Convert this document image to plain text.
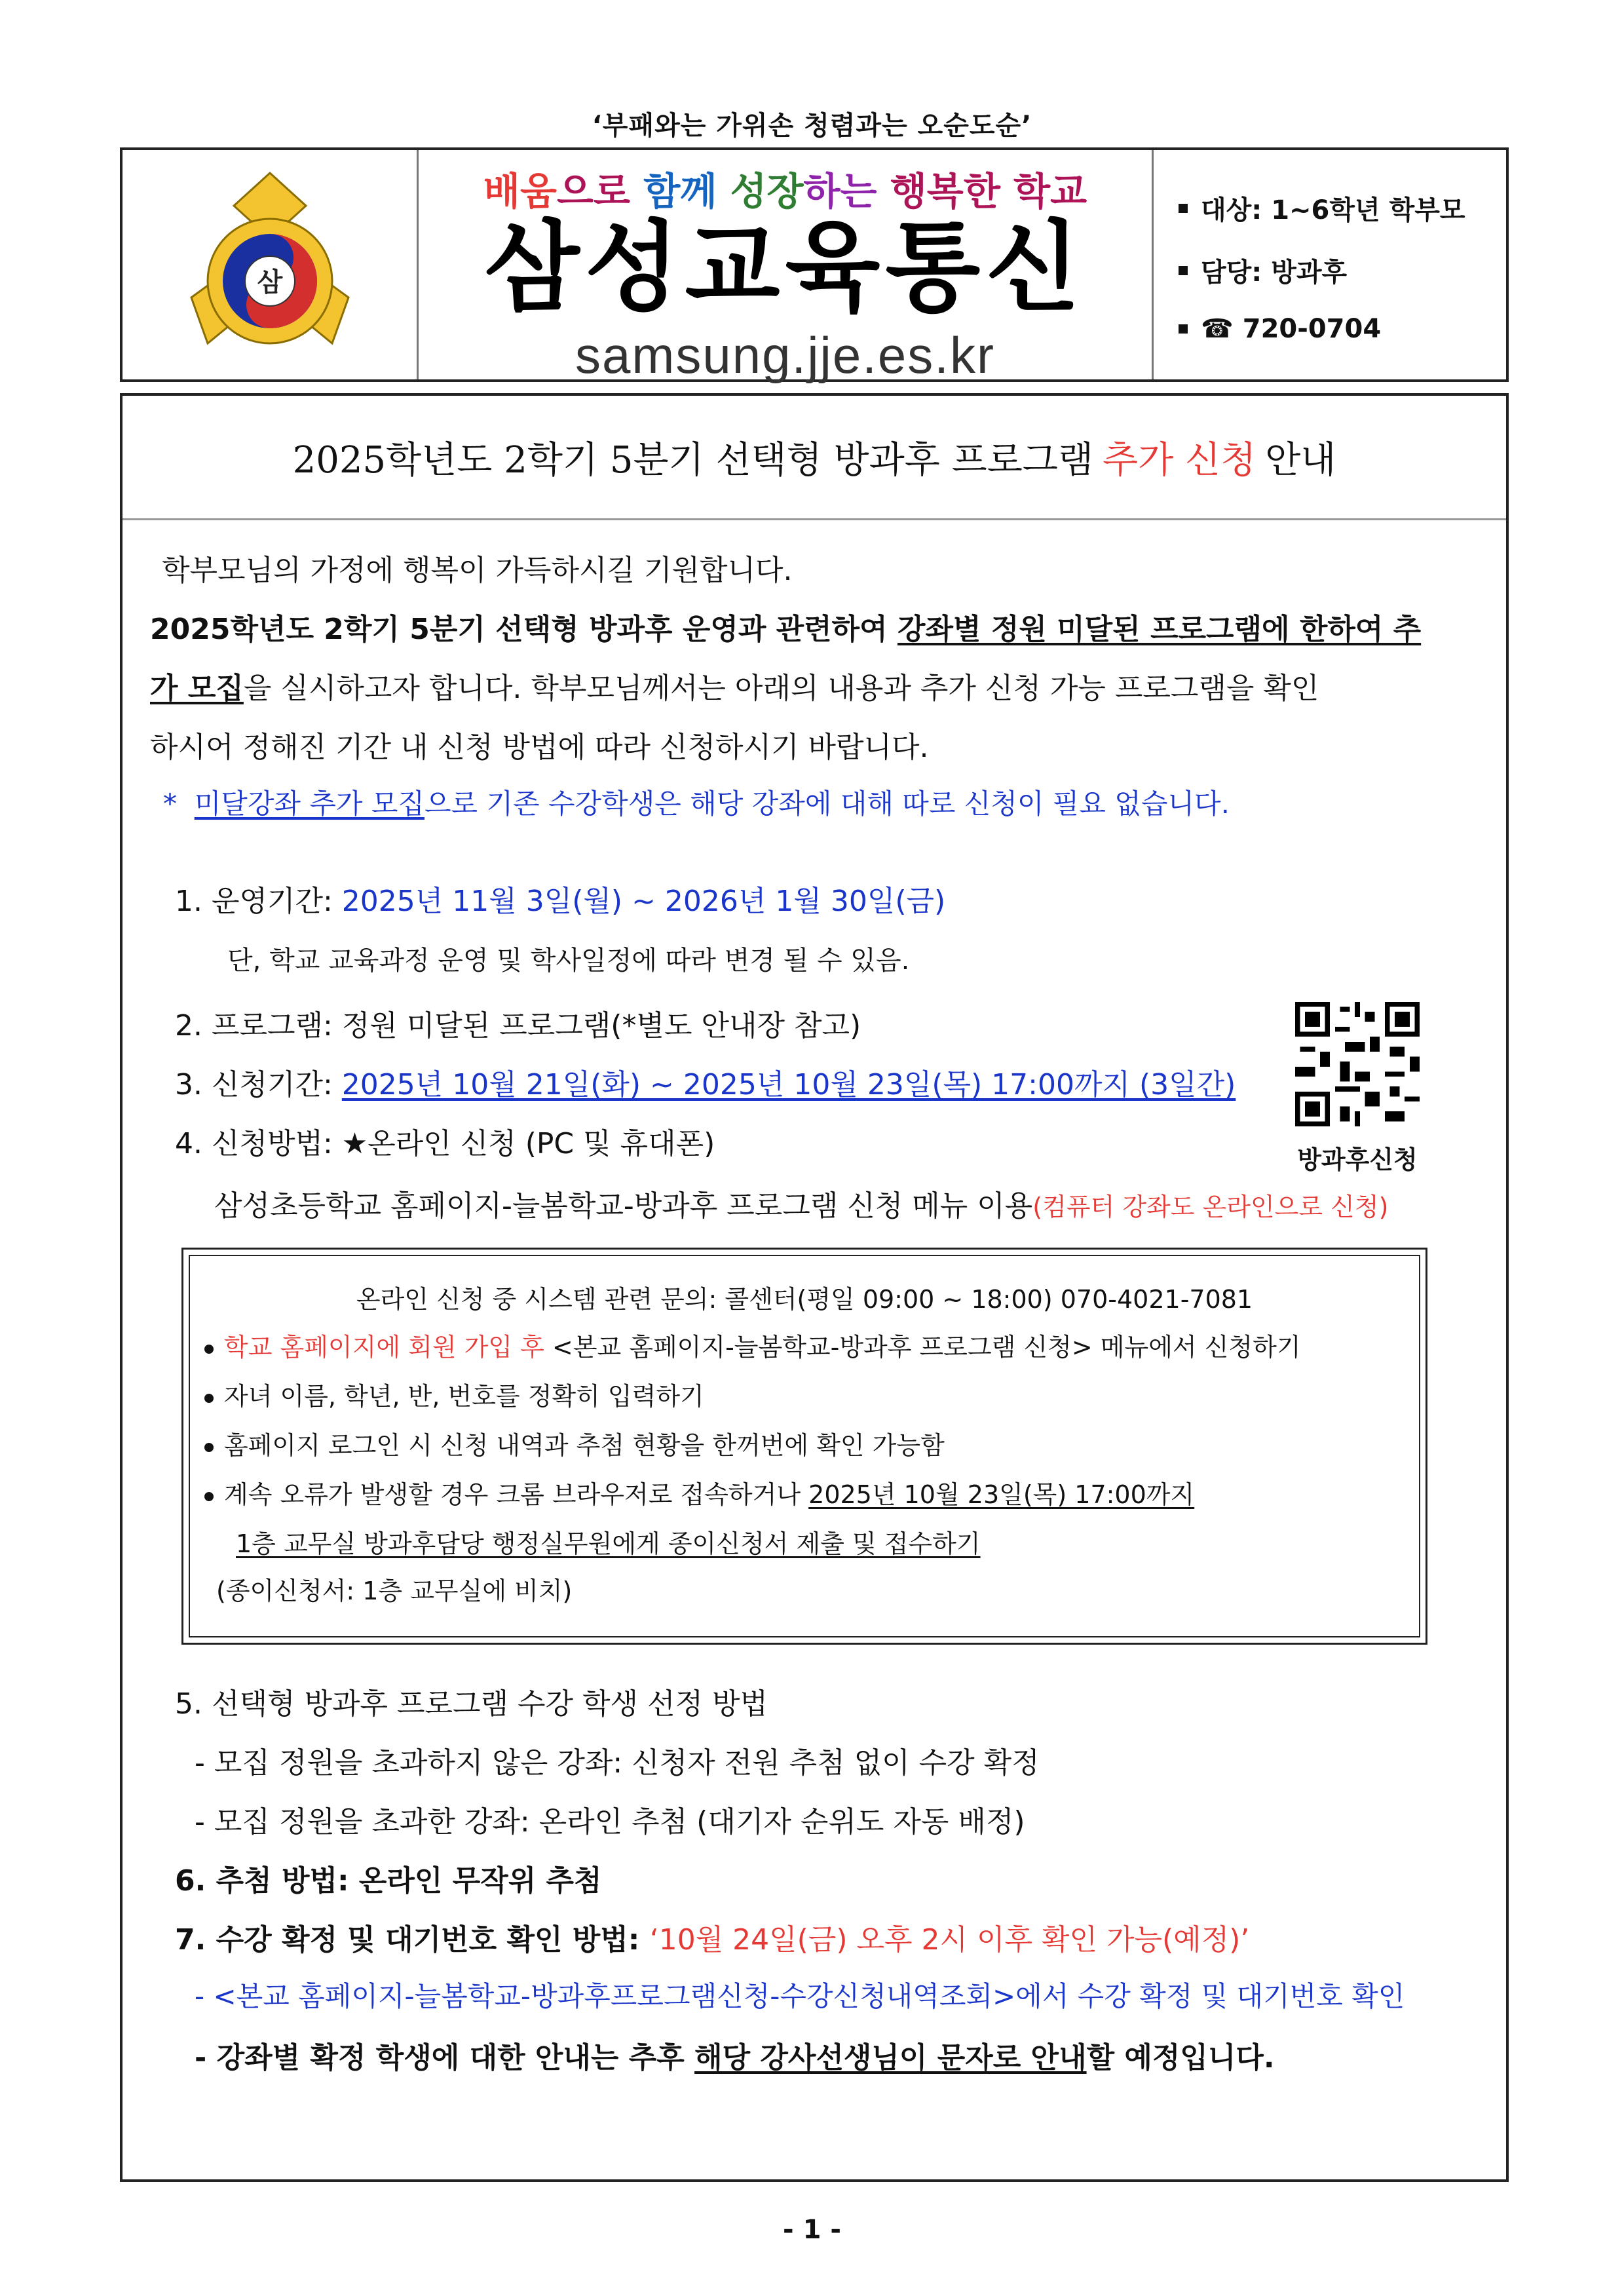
‘부패와는 가위손 청렴과는 오순도순’
삼
배움으로 함께 성장하는 행복한 학교
삼성교육통신
samsung.jje.es.kr
대상: 1~6학년 학부모
담당: 방과후
☎ 720-0704
2025학년도 2학기 5분기 선택형 방과후 프로그램 추가 신청 안내
학부모님의 가정에 행복이 가득하시길 기원합니다.
2025학년도 2학기 5분기 선택형 방과후 운영과 관련하여 강좌별 정원 미달된 프로그램에 한하여 추
가 모집을 실시하고자 합니다. 학부모님께서는 아래의 내용과 추가 신청 가능 프로그램을 확인
하시어 정해진 기간 내 신청 방법에 따라 신청하시기 바랍니다.
* 미달강좌 추가 모집으로 기존 수강학생은 해당 강좌에 대해 따로 신청이 필요 없습니다.
1. 운영기간: 2025년 11월 3일(월) ~ 2026년 1월 30일(금)
단, 학교 교육과정 운영 및 학사일정에 따라 변경 될 수 있음.
2. 프로그램: 정원 미달된 프로그램(*별도 안내장 참고)
3. 신청기간: 2025년 10월 21일(화) ~ 2025년 10월 23일(목) 17:00까지 (3일간)
4. 신청방법: ★온라인 신청 (PC 및 휴대폰)
삼성초등학교 홈페이지-늘봄학교-방과후 프로그램 신청 메뉴 이용(컴퓨터 강좌도 온라인으로 신청)
방과후신청
온라인 신청 중 시스템 관련 문의: 콜센터(평일 09:00 ~ 18:00) 070-4021-7081
학교 홈페이지에 회원 가입 후 <본교 홈페이지-늘봄학교-방과후 프로그램 신청> 메뉴에서 신청하기
자녀 이름, 학년, 반, 번호를 정확히 입력하기
홈페이지 로그인 시 신청 내역과 추첨 현황을 한꺼번에 확인 가능함
계속 오류가 발생할 경우 크롬 브라우저로 접속하거나 2025년 10월 23일(목) 17:00까지
1층 교무실 방과후담당 행정실무원에게 종이신청서 제출 및 접수하기
(종이신청서: 1층 교무실에 비치)
5. 선택형 방과후 프로그램 수강 학생 선정 방법
- 모집 정원을 초과하지 않은 강좌: 신청자 전원 추첨 없이 수강 확정
- 모집 정원을 초과한 강좌: 온라인 추첨 (대기자 순위도 자동 배정)
6. 추첨 방법: 온라인 무작위 추첨
7. 수강 확정 및 대기번호 확인 방법: ‘10월 24일(금) 오후 2시 이후 확인 가능(예정)’
- <본교 홈페이지-늘봄학교-방과후프로그램신청-수강신청내역조회>에서 수강 확정 및 대기번호 확인
- 강좌별 확정 학생에 대한 안내는 추후 해당 강사선생님이 문자로 안내할 예정입니다.
- 1 -
